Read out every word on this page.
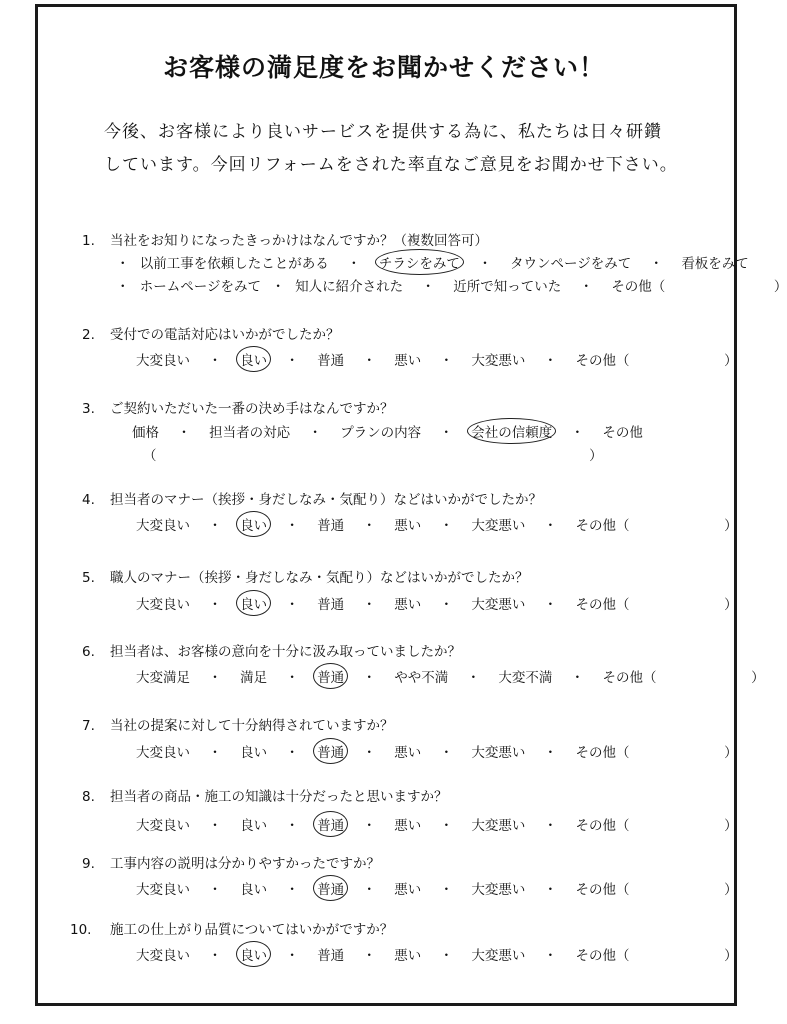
お客様の満足度をお聞かせください！
今後、お客様により良いサービスを提供する為に、私たちは日々研鑽
しています。今回リフォームをされた率直なご意見をお聞かせ下さい。
1. 当社をお知りになったきっかけはなんですか？（複数回答可）
・ 以前工事を依頼したことがある ・ チラシをみて ・ タウンページをみて ・ 看板をみて
・ ホームページをみて ・ 知人に紹介された ・ 近所で知っていた ・ その他（	）
2. 受付での電話対応はいかがでしたか？
大変良い ・ 良い ・ 普通 ・ 悪い ・ 大変悪い ・ その他（	）
3. ご契約いただいた一番の決め手はなんですか？
価格 ・ 担当者の対応 ・ プランの内容 ・ 会社の信頼度 ・ その他
（	）
4. 担当者のマナー（挨拶・身だしなみ・気配り）などはいかがでしたか？
大変良い ・ 良い ・ 普通 ・ 悪い ・ 大変悪い ・ その他（	）
5. 職人のマナー（挨拶・身だしなみ・気配り）などはいかがでしたか？
大変良い ・ 良い ・ 普通 ・ 悪い ・ 大変悪い ・ その他（	）
6. 担当者は、お客様の意向を十分に汲み取っていましたか？
大変満足 ・ 満足 ・ 普通 ・ やや不満 ・ 大変不満 ・ その他（	）
7. 当社の提案に対して十分納得されていますか？
大変良い ・ 良い ・ 普通 ・ 悪い ・ 大変悪い ・ その他（	）
8. 担当者の商品・施工の知識は十分だったと思いますか？
大変良い ・ 良い ・ 普通 ・ 悪い ・ 大変悪い ・ その他（	）
9. 工事内容の説明は分かりやすかったですか？
大変良い ・ 良い ・ 普通 ・ 悪い ・ 大変悪い ・ その他（	）
10. 施工の仕上がり品質についてはいかがですか？
大変良い ・ 良い ・ 普通 ・ 悪い ・ 大変悪い ・ その他（	）
